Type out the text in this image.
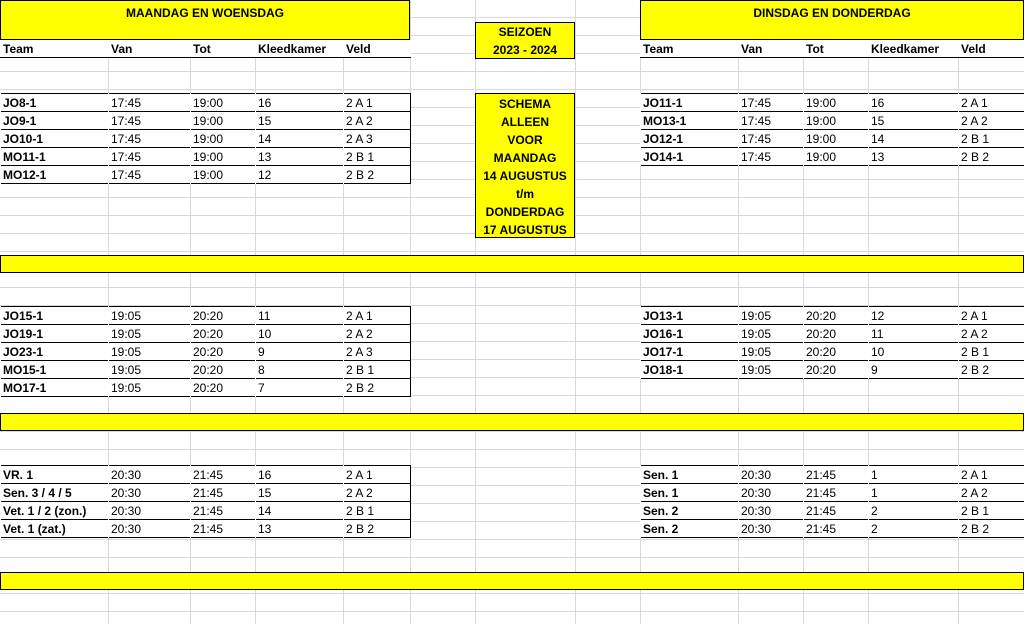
MAANDAG EN WOENSDAG
Team	Van	Tot	Kleedkamer	Veld
DINSDAG EN DONDERDAG
Team	Van	Tot	Kleedkamer	Veld
SEIZOEN
2023 - 2024
SCHEMA
ALLEEN
VOOR
MAANDAG
14 AUGUSTUS
t/m
DONDERDAG
17 AUGUSTUS
JO8-1	17:45	19:00	16	2 A 1
JO9-1	17:45	19:00	15	2 A 2
JO10-1	17:45	19:00	14	2 A 3
MO11-1	17:45	19:00	13	2 B 1
MO12-1	17:45	19:00	12	2 B 2
JO15-1	19:05	20:20	11	2 A 1
JO19-1	19:05	20:20	10	2 A 2
JO23-1	19:05	20:20	9	2 A 3
MO15-1	19:05	20:20	8	2 B 1
MO17-1	19:05	20:20	7	2 B 2
VR. 1	20:30	21:45	16	2 A 1
Sen. 3 / 4 / 5	20:30	21:45	15	2 A 2
Vet. 1 / 2 (zon.)	20:30	21:45	14	2 B 1
Vet. 1 (zat.)	20:30	21:45	13	2 B 2
JO11-1	17:45	19:00	16	2 A 1
MO13-1	17:45	19:00	15	2 A 2
JO12-1	17:45	19:00	14	2 B 1
JO14-1	17:45	19:00	13	2 B 2
JO13-1	19:05	20:20	12	2 A 1
JO16-1	19:05	20:20	11	2 A 2
JO17-1	19:05	20:20	10	2 B 1
JO18-1	19:05	20:20	9	2 B 2
Sen. 1	20:30	21:45	1	2 A 1
Sen. 1	20:30	21:45	1	2 A 2
Sen. 2	20:30	21:45	2	2 B 1
Sen. 2	20:30	21:45	2	2 B 2
